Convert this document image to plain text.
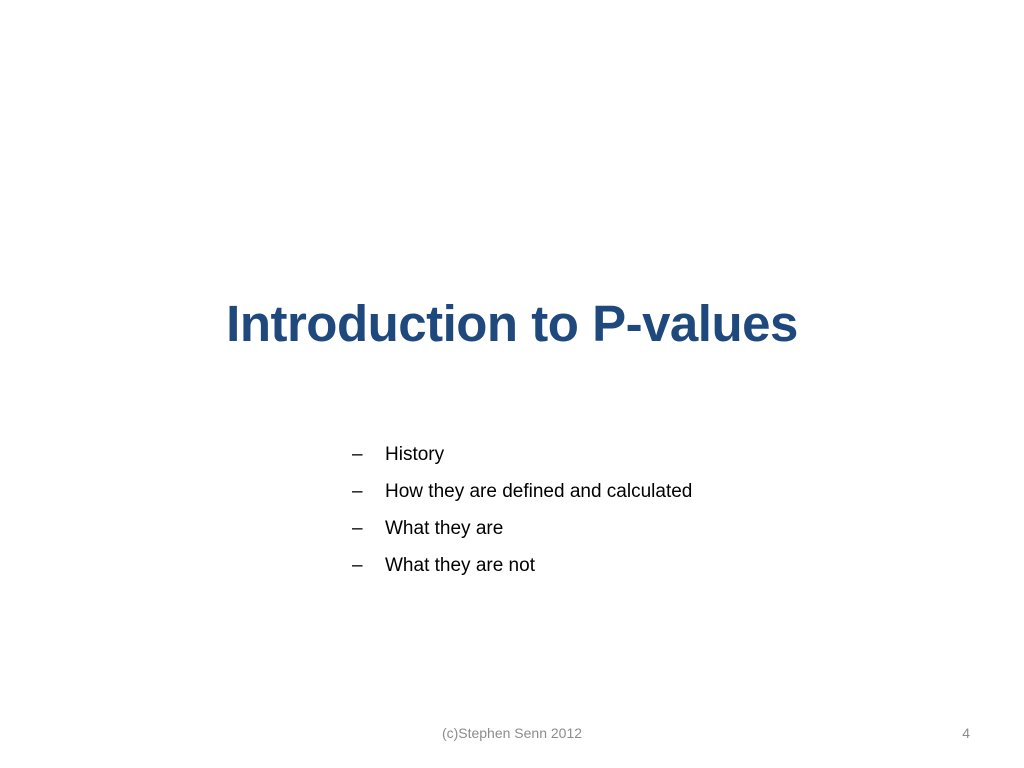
Introduction to P-values
– History
– How they are defined and calculated
– What they are
– What they are not
(c)Stephen Senn 2012	4
